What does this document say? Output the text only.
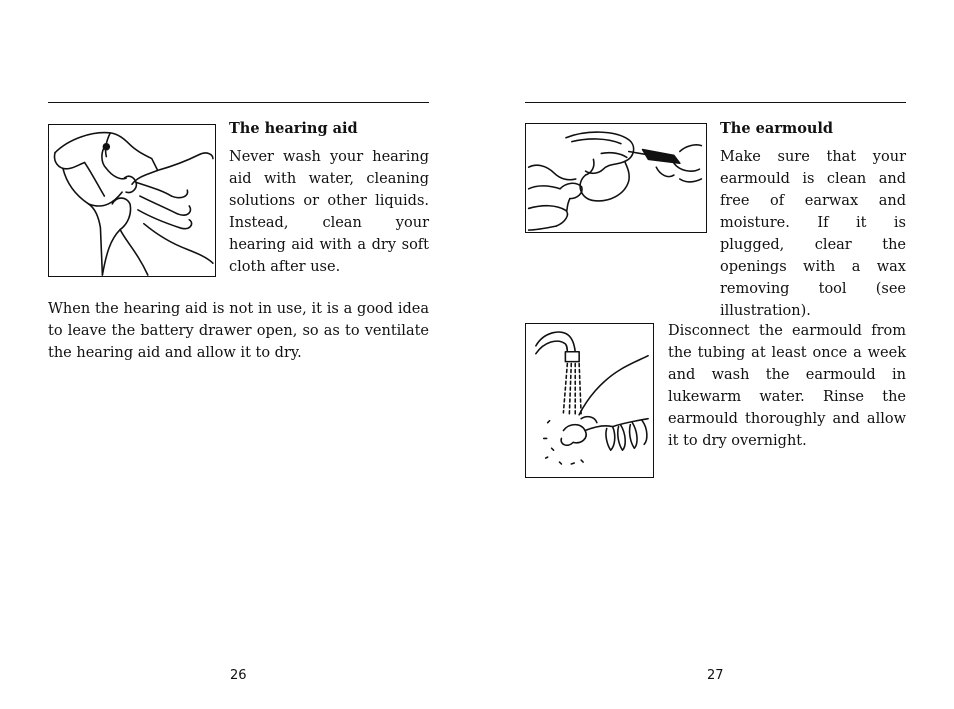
The hearing aid

Never wash your hearing aid with water, cleaning solutions or other liquids. Instead, clean your hearing aid with a dry soft cloth after use.

When the hearing aid is not in use, it is a good idea to leave the battery drawer open, so as to ventilate the hearing aid and allow it to dry.

26
The earmould

Make sure that your earmould is clean and free of earwax and moisture. If it is plugged, clear the openings with a wax removing tool (see illustration).

Disconnect the earmould from the tubing at least once a week and wash the earmould in lukewarm water. Rinse the earmould thoroughly and allow it to dry overnight.

27
